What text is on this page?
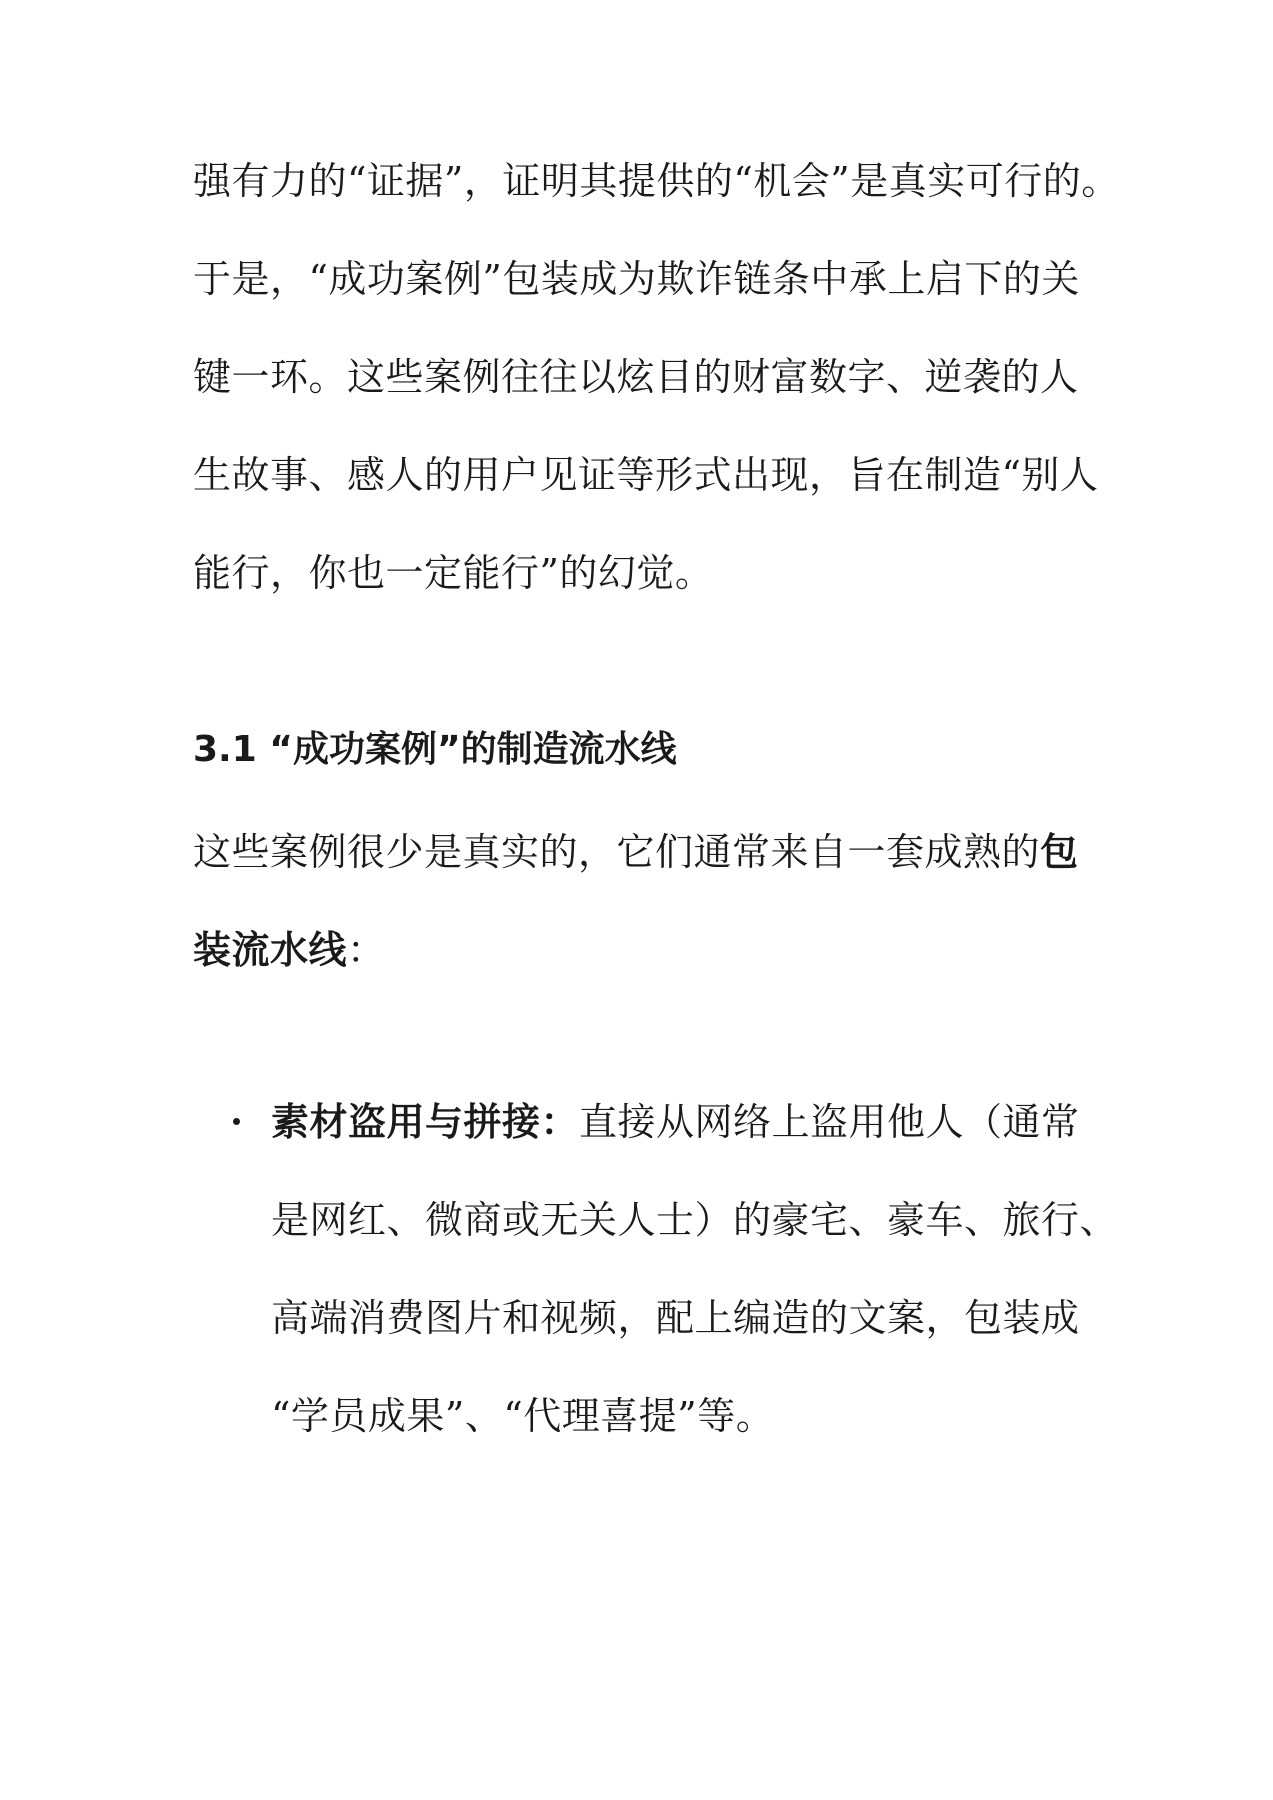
强有力的“证据”，证明其提供的“机会”是真实可行的。
于是，“成功案例”包装成为欺诈链条中承上启下的关
键一环。这些案例往往以炫目的财富数字、逆袭的人
生故事、感人的用户见证等形式出现，旨在制造“别人
能行，你也一定能行”的幻觉。
3.1 “成功案例”的制造流水线
这些案例很少是真实的，它们通常来自一套成熟的包
装流水线：
素材盗用与拼接：直接从网络上盗用他人（通常
是网红、微商或无关人士）的豪宅、豪车、旅行、
高端消费图片和视频，配上编造的文案，包装成
“学员成果”、“代理喜提”等。
